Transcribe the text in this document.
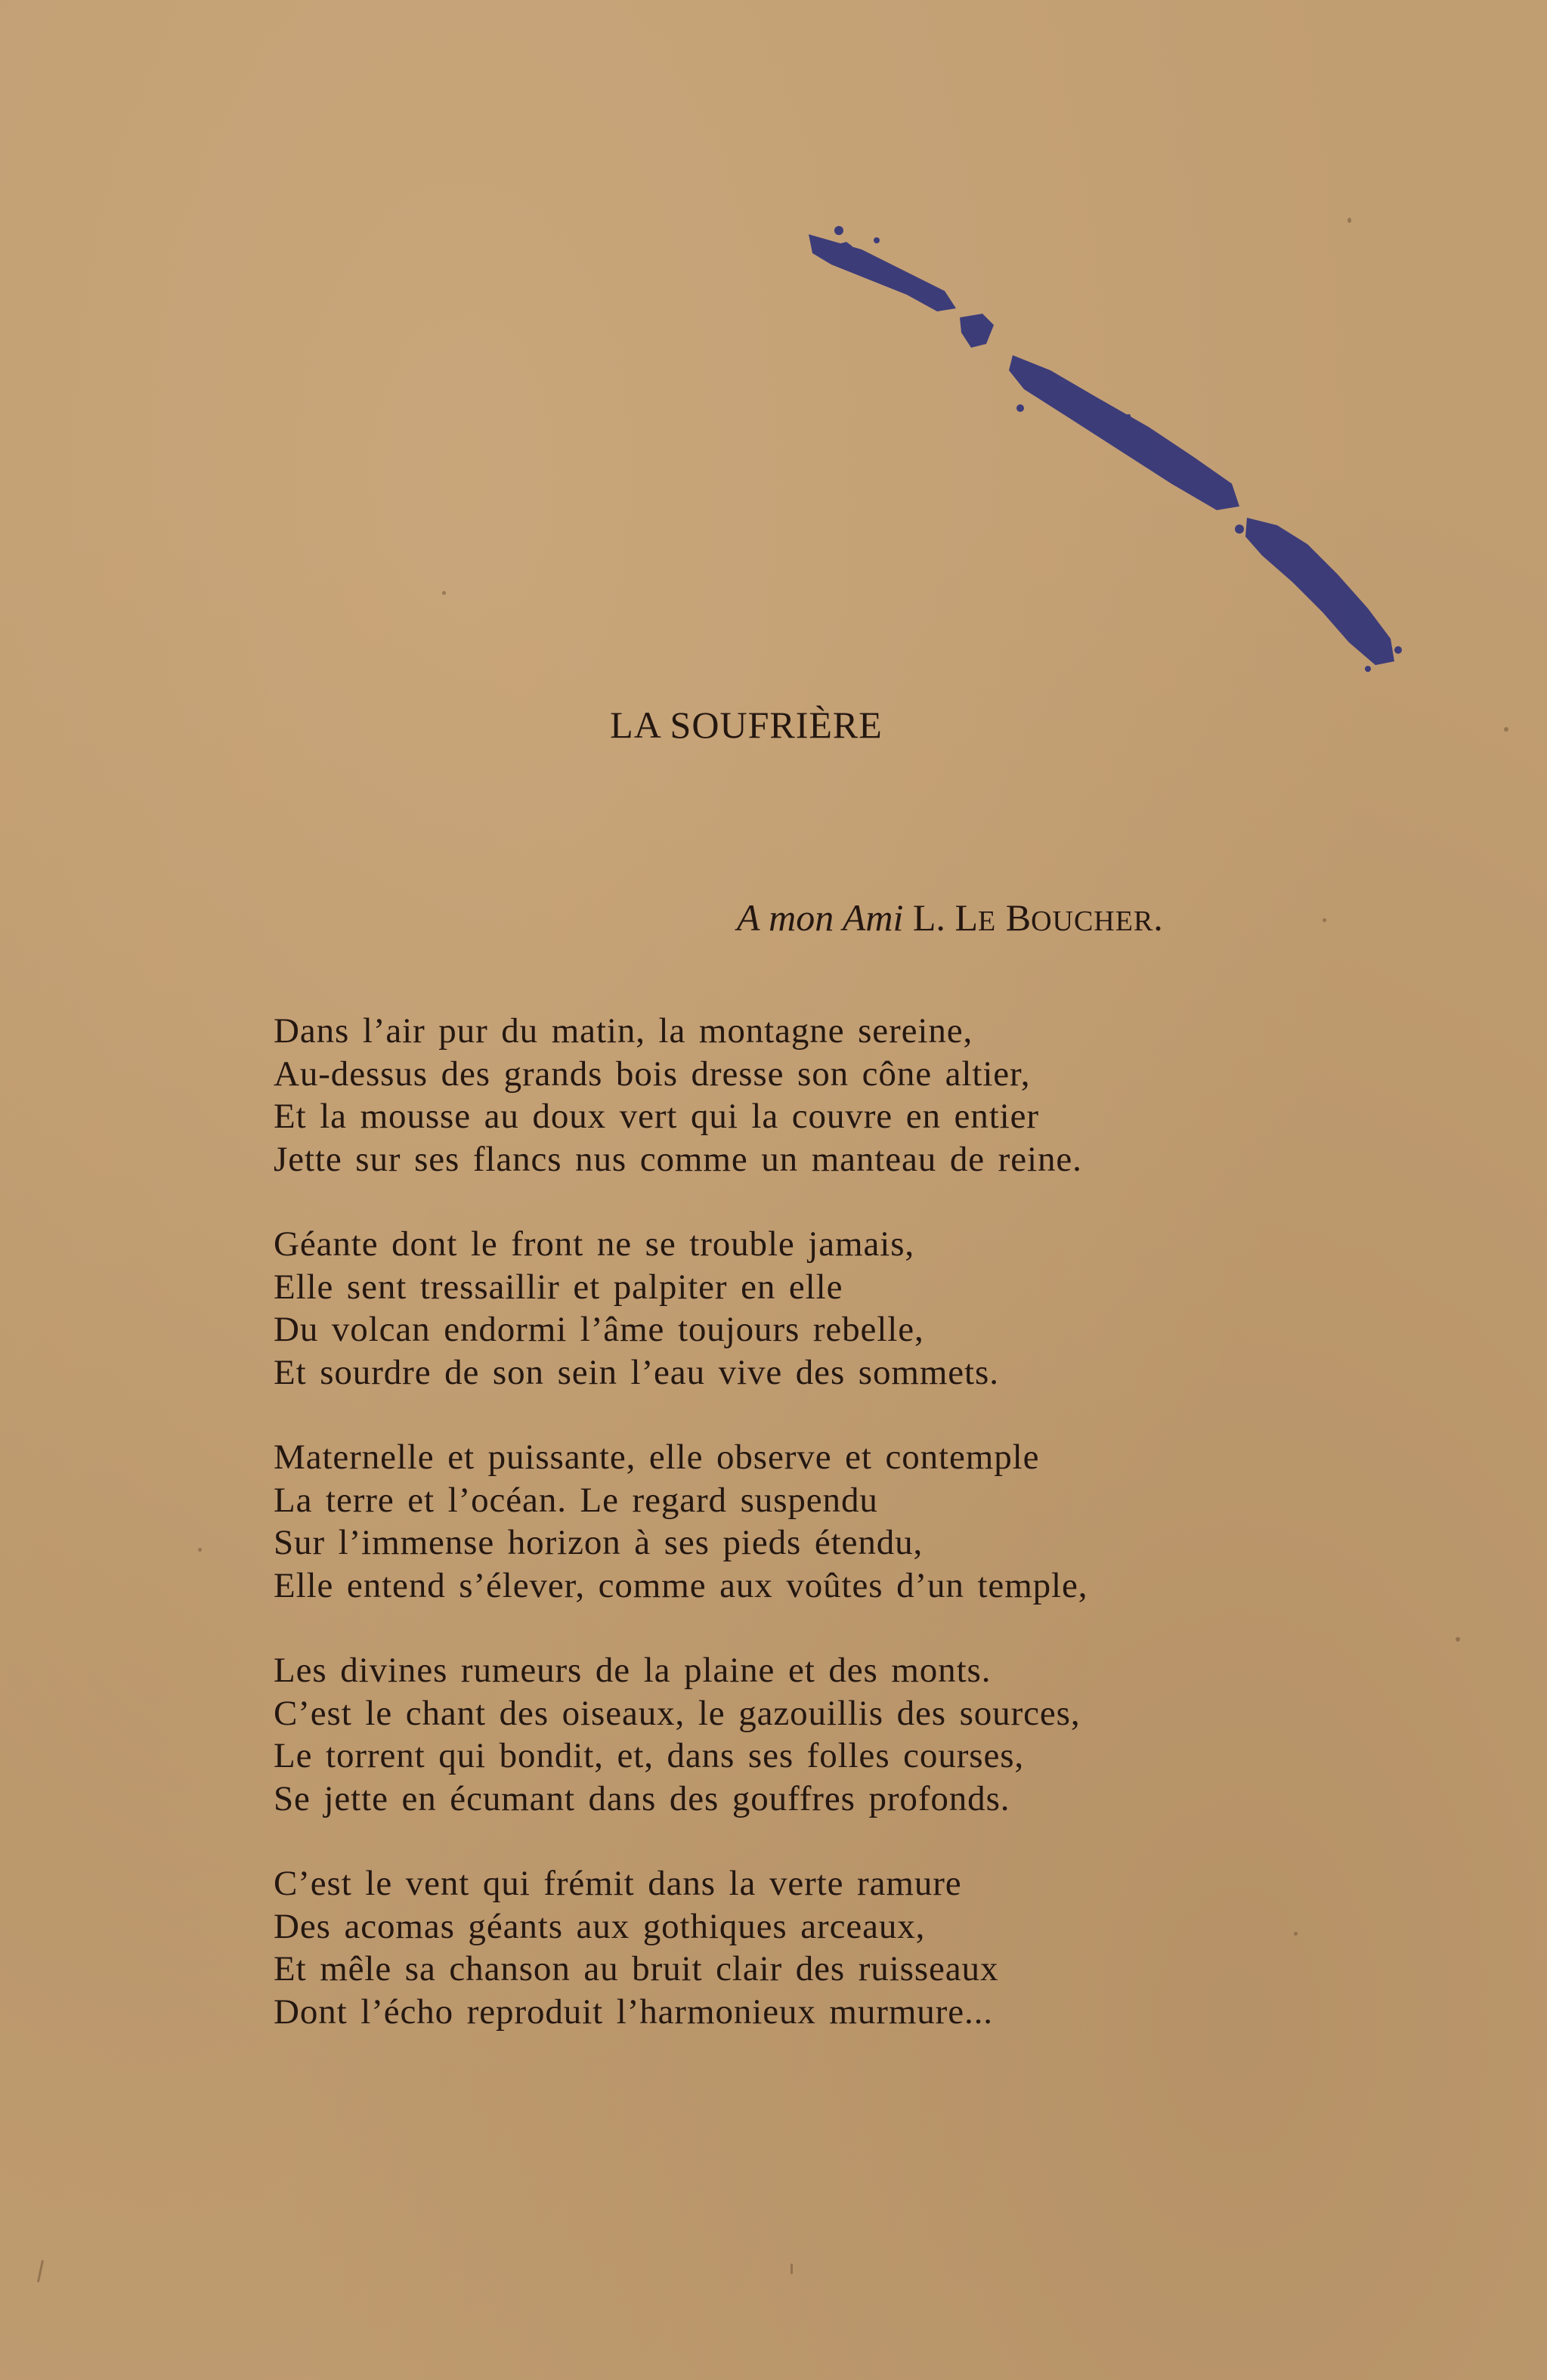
LA SOUFRIÈRE
A mon Ami L. LE BOUCHER.
Dans l’air pur du matin, la montagne sereine,
Au-dessus des grands bois dresse son cône altier,
Et la mousse au doux vert qui la couvre en entier
Jette sur ses flancs nus comme un manteau de reine.
Géante dont le front ne se trouble jamais,
Elle sent tressaillir et palpiter en elle
Du volcan endormi l’âme toujours rebelle,
Et sourdre de son sein l’eau vive des sommets.
Maternelle et puissante, elle observe et contemple
La terre et l’océan. Le regard suspendu
Sur l’immense horizon à ses pieds étendu,
Elle entend s’élever, comme aux voûtes d’un temple,
Les divines rumeurs de la plaine et des monts.
C’est le chant des oiseaux, le gazouillis des sources,
Le torrent qui bondit, et, dans ses folles courses,
Se jette en écumant dans des gouffres profonds.
C’est le vent qui frémit dans la verte ramure
Des acomas géants aux gothiques arceaux,
Et mêle sa chanson au bruit clair des ruisseaux
Dont l’écho reproduit l’harmonieux murmure...
